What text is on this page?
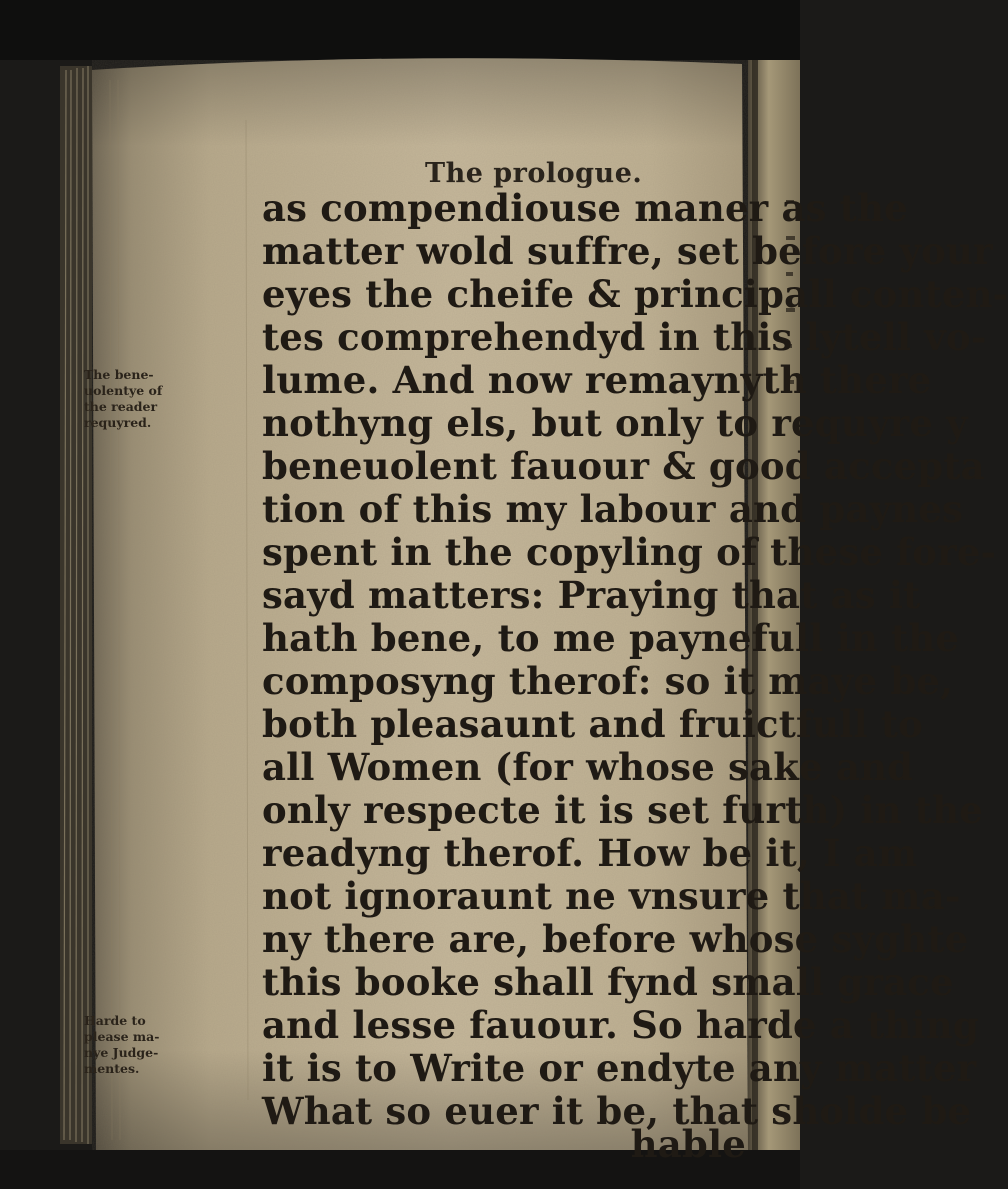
The prologue.
as compendiouse maner as the
matter wold suffre, set before your
eyes the cheife & principall conten-
tes comprehendyd in this lytell vo-
lume. And now remaynyth there
nothyng els, but only to requyre y
beneuolent fauour & good accepta
tion of this my labour and paynes
spent in the copyling of these fore-
sayd matters: Praying that as it
hath bene, to me paynefull in the
composyng therof: so it maye be,
both pleasaunt and fruictfull to
all Women (for whose sake and
only respecte it is set furth) in the
readyng therof. How be it, I am
not ignoraunt ne vnsure that ma-
ny there are, before whose syghte
this booke shall fynd small grace
and lesse fauour. So harde a thing
it is to Write or endyte any matter
What so euer it be, that sholde be
hable
The bene-
uolentye of
the reader
requyred.
Harde to
please ma-
nye Judge-
mentes.
